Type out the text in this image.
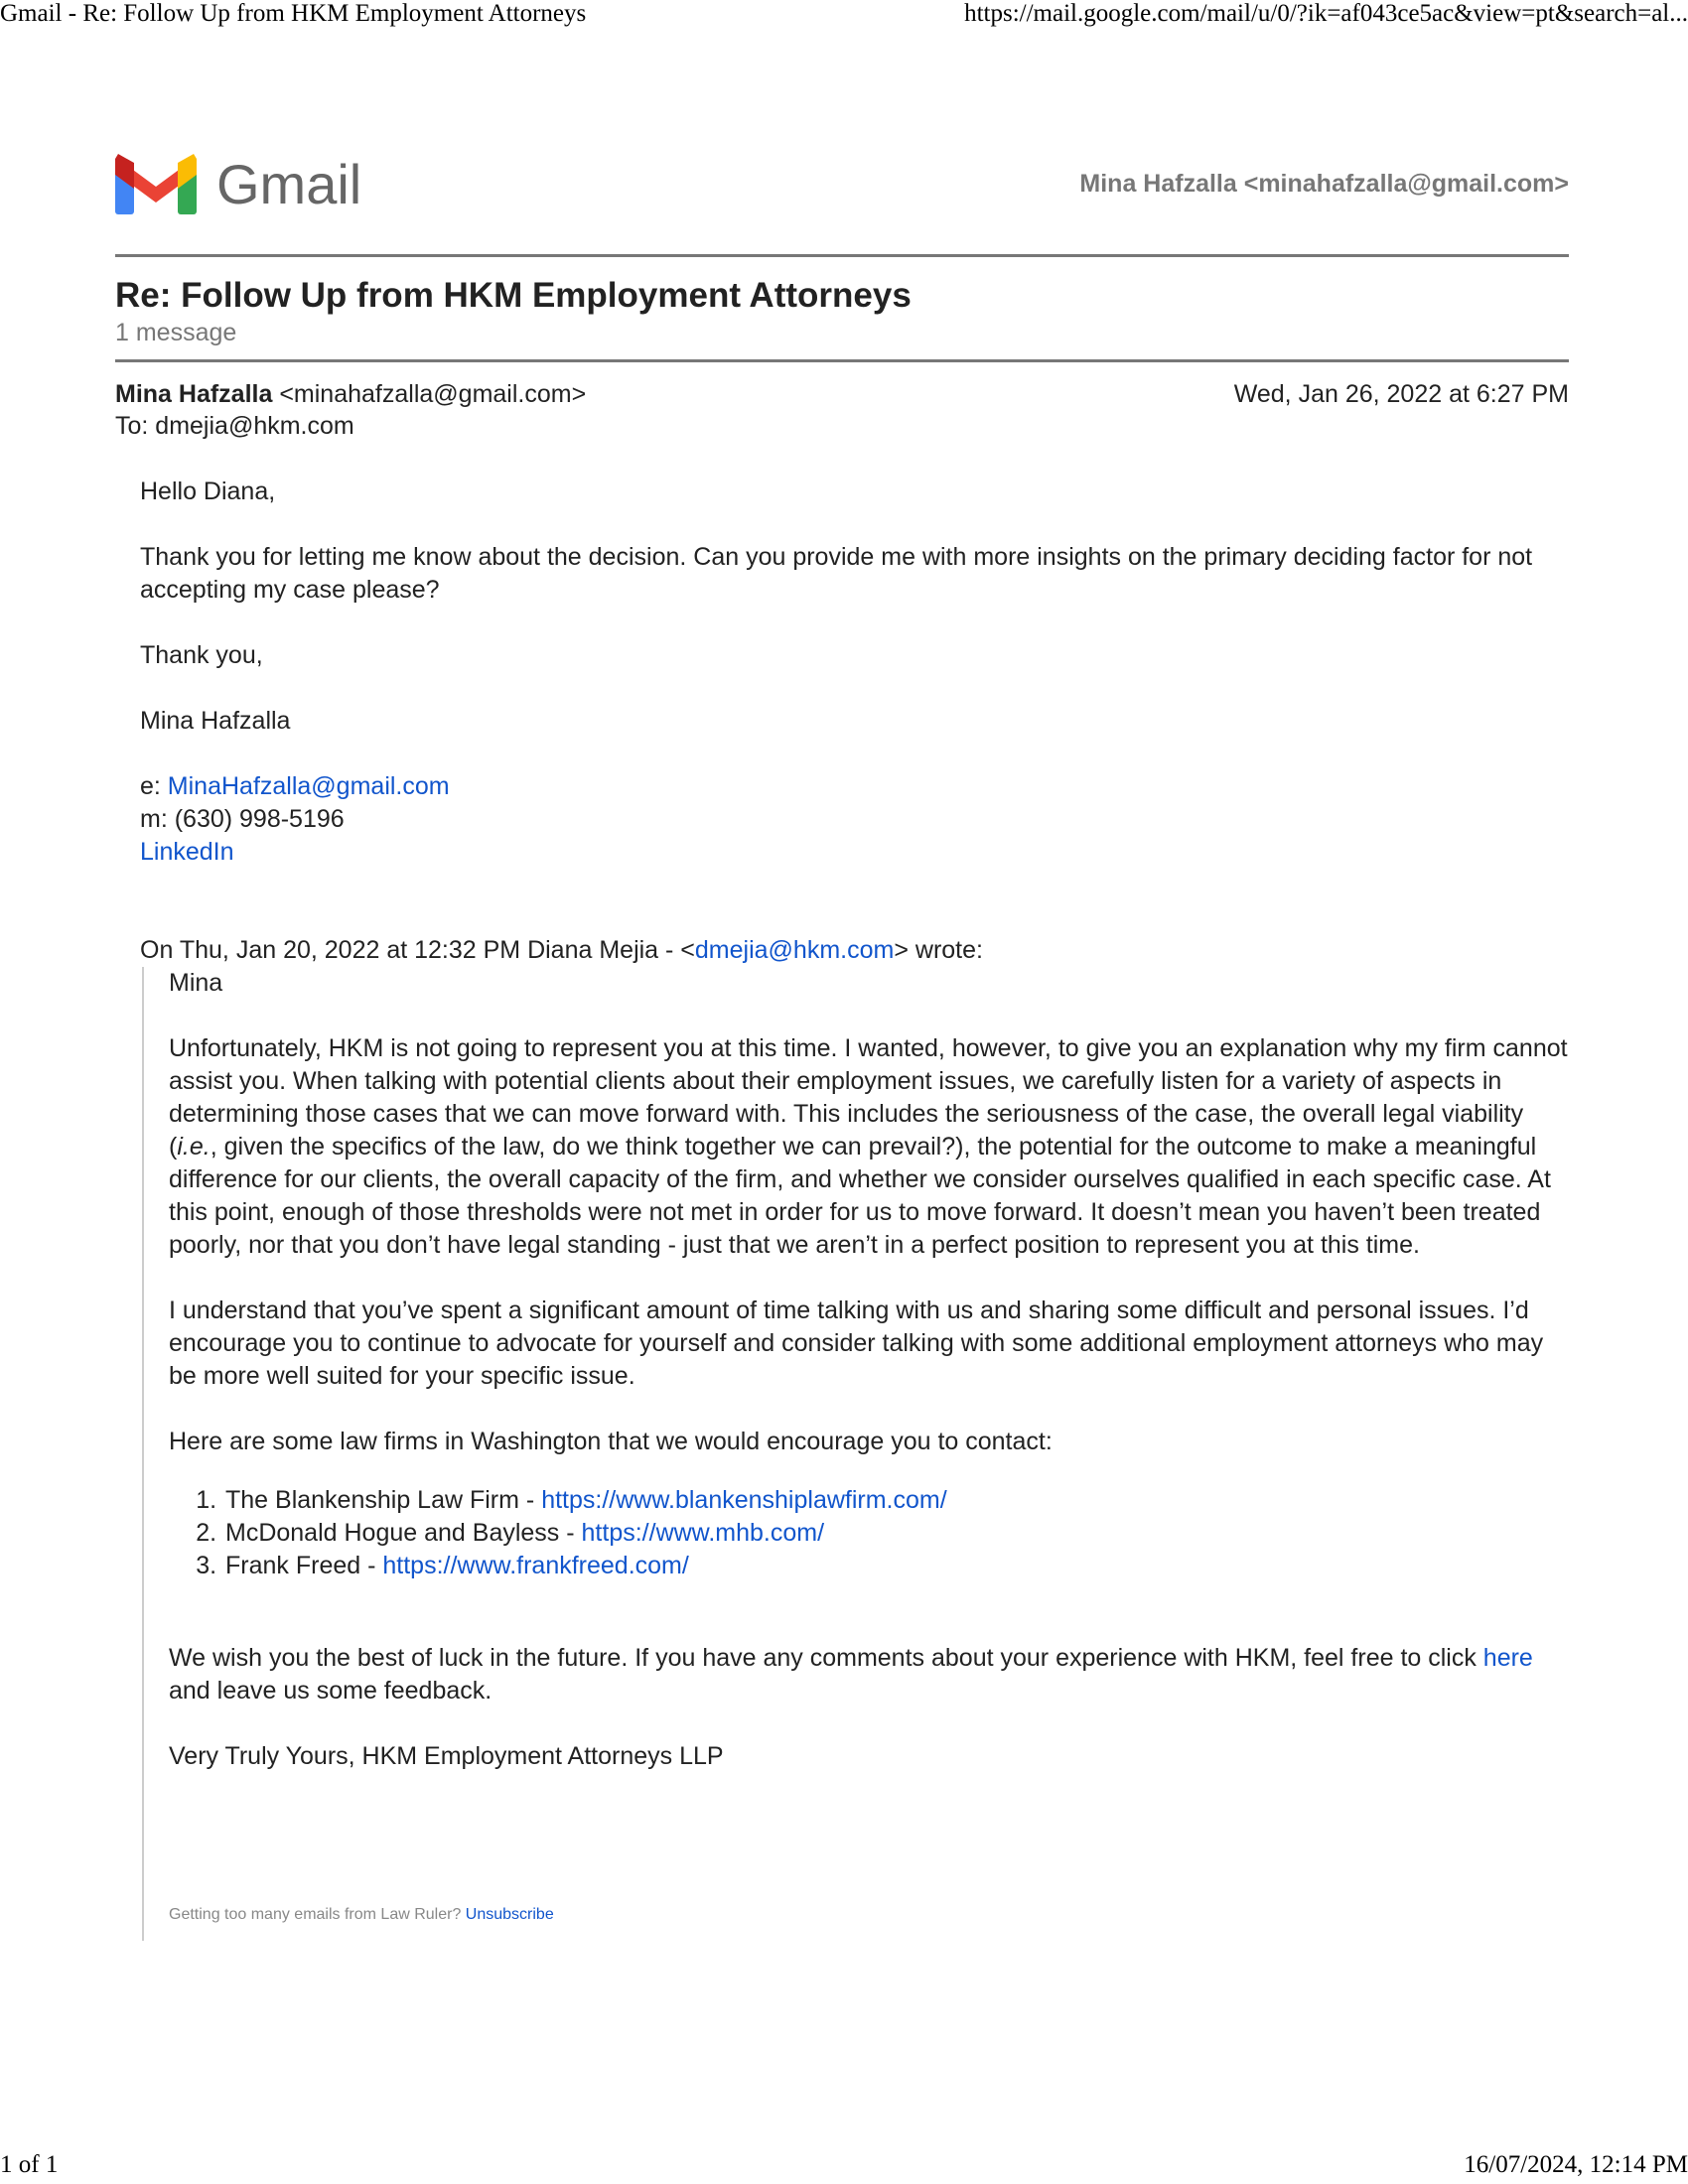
Gmail - Re: Follow Up from HKM Employment Attorneys	https://mail.google.com/mail/u/0/?ik=af043ce5ac&view=pt&search=al...
Gmail	Mina Hafzalla <minahafzalla@gmail.com>
Re: Follow Up from HKM Employment Attorneys
1 message
Mina Hafzalla <minahafzalla@gmail.com>	Wed, Jan 26, 2022 at 6:27 PM
To: dmejia@hkm.com

Hello Diana,

Thank you for letting me know about the decision. Can you provide me with more insights on the primary deciding factor for not accepting my case please?

Thank you,

Mina Hafzalla

e: MinaHafzalla@gmail.com

m: (630) 998-5196

LinkedIn

On Thu, Jan 20, 2022 at 12:32 PM Diana Mejia - <dmejia@hkm.com> wrote:

Mina

Unfortunately, HKM is not going to represent you at this time. I wanted, however, to give you an explanation why my firm cannot assist you. When talking with potential clients about their employment issues, we carefully listen for a variety of aspects in determining those cases that we can move forward with. This includes the seriousness of the case, the overall legal viability (i.e., given the specifics of the law, do we think together we can prevail?), the potential for the outcome to make a meaningful difference for our clients, the overall capacity of the firm, and whether we consider ourselves qualified in each specific case. At this point, enough of those thresholds were not met in order for us to move forward. It doesn’t mean you haven’t been treated poorly, nor that you don’t have legal standing - just that we aren’t in a perfect position to represent you at this time.

I understand that you’ve spent a significant amount of time talking with us and sharing some difficult and personal issues. I’d encourage you to continue to advocate for yourself and consider talking with some additional employment attorneys who may be more well suited for your specific issue.

Here are some law firms in Washington that we would encourage you to contact:

1. The Blankenship Law Firm - https://www.blankenshiplawfirm.com/
2. McDonald Hogue and Bayless - https://www.mhb.com/
3. Frank Freed - https://www.frankfreed.com/

We wish you the best of luck in the future. If you have any comments about your experience with HKM, feel free to click here and leave us some feedback.

Very Truly Yours, HKM Employment Attorneys LLP

Getting too many emails from Law Ruler? Unsubscribe
1 of 1	16/07/2024, 12:14 PM
